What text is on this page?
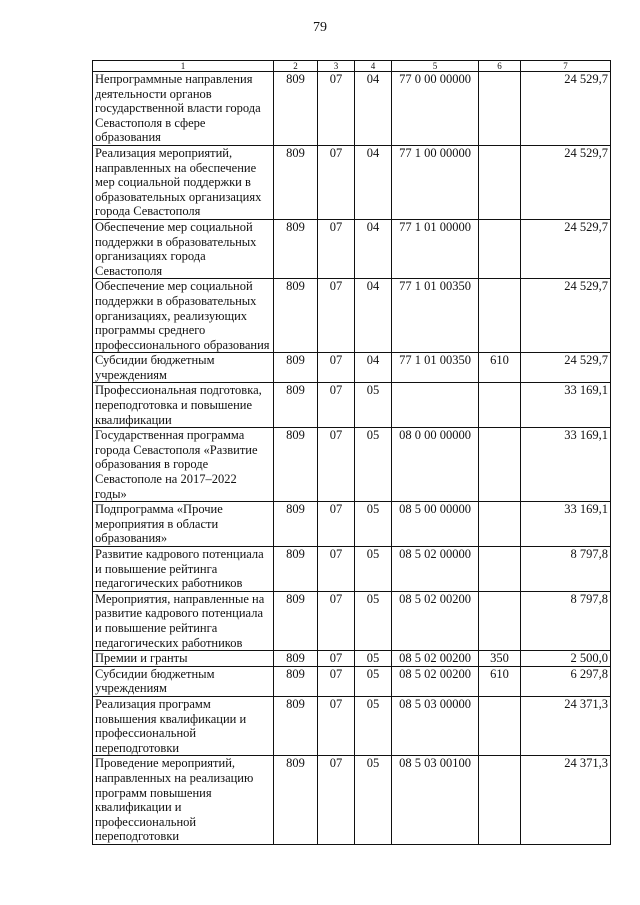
79
1	2	3	4	5	6	7
Непрограммные направления деятельности органов государственной власти города Севастополя в сфере образования	809	07	04	77 0 00 00000		24 529,7
Реализация мероприятий, направленных на обеспечение мер социальной поддержки в образовательных организациях города Севастополя	809	07	04	77 1 00 00000		24 529,7
Обеспечение мер социальной поддержки в образовательных организациях города Севастополя	809	07	04	77 1 01 00000		24 529,7
Обеспечение мер социальной поддержки в образовательных организациях, реализующих программы среднего профессионального образования	809	07	04	77 1 01 00350		24 529,7
Субсидии бюджетным учреждениям	809	07	04	77 1 01 00350	610	24 529,7
Профессиональная подготовка, переподготовка и повышение квалификации	809	07	05			33 169,1
Государственная программа города Севастополя «Развитие образования в городе Севастополе на 2017–2022 годы»	809	07	05	08 0 00 00000		33 169,1
Подпрограмма «Прочие мероприятия в области образования»	809	07	05	08 5 00 00000		33 169,1
Развитие кадрового потенциала и повышение рейтинга педагогических работников	809	07	05	08 5 02 00000		8 797,8
Мероприятия, направленные на развитие кадрового потенциала и повышение рейтинга педагогических работников	809	07	05	08 5 02 00200		8 797,8
Премии и гранты	809	07	05	08 5 02 00200	350	2 500,0
Субсидии бюджетным учреждениям	809	07	05	08 5 02 00200	610	6 297,8
Реализация программ повышения квалификации и профессиональной переподготовки	809	07	05	08 5 03 00000		24 371,3
Проведение мероприятий, направленных на реализацию программ повышения квалификации и профессиональной переподготовки	809	07	05	08 5 03 00100		24 371,3
